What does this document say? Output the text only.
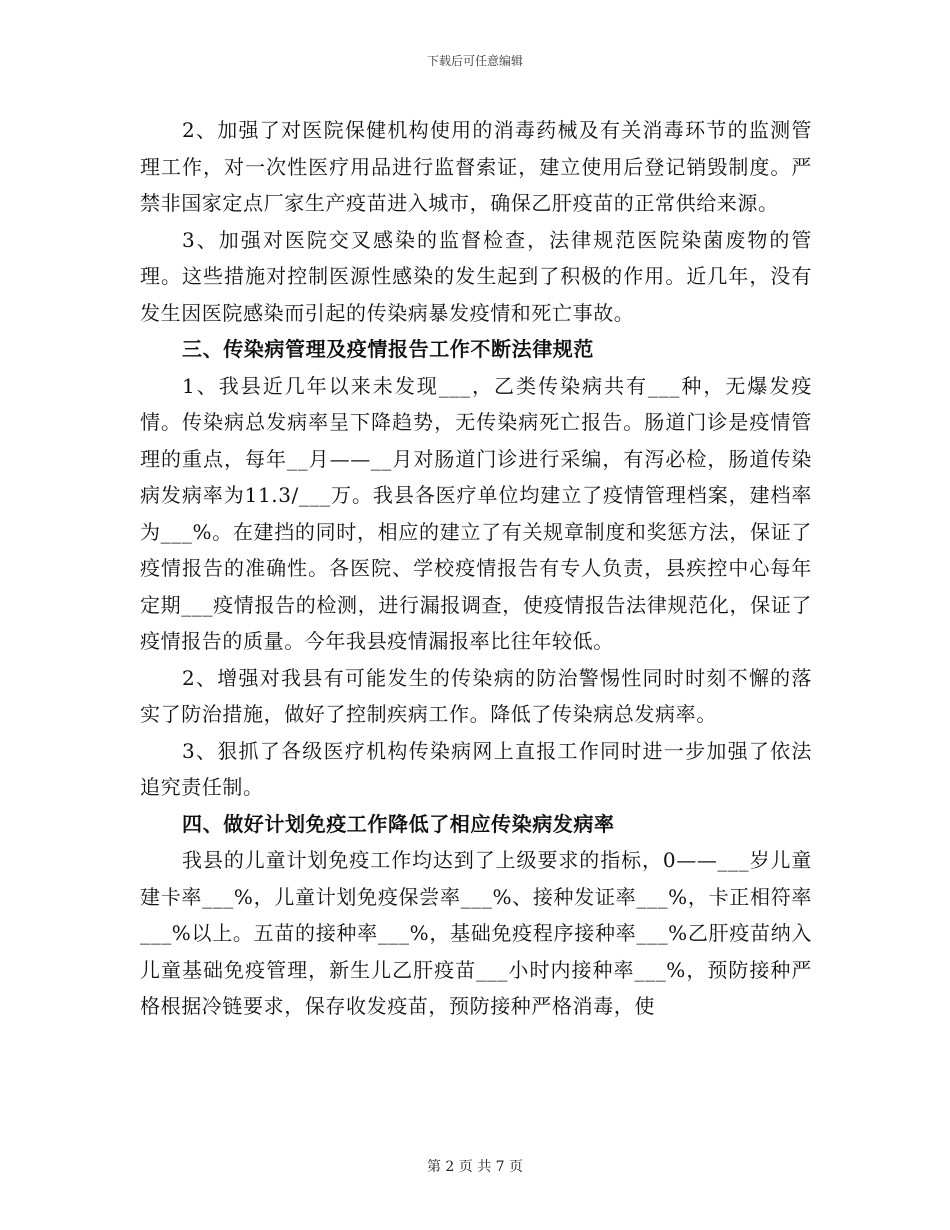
下载后可任意编辑

2、加强了对医院保健机构使用的消毒药械及有关消毒环节的监测管理工作，对一次性医疗用品进行监督索证，建立使用后登记销毁制度。严禁非国家定点厂家生产疫苗进入城市，确保乙肝疫苗的正常供给来源。

3、加强对医院交叉感染的监督检查，法律规范医院染菌废物的管理。这些措施对控制医源性感染的发生起到了积极的作用。近几年，没有发生因医院感染而引起的传染病暴发疫情和死亡事故。

三、传染病管理及疫情报告工作不断法律规范

1、我县近几年以来未发现___，乙类传染病共有___种，无爆发疫情。传染病总发病率呈下降趋势，无传染病死亡报告。肠道门诊是疫情管理的重点，每年__月——__月对肠道门诊进行采编，有泻必检，肠道传染病发病率为11.3/___万。我县各医疗单位均建立了疫情管理档案，建档率为___%。在建挡的同时，相应的建立了有关规章制度和奖惩方法，保证了疫情报告的准确性。各医院、学校疫情报告有专人负责，县疾控中心每年定期___疫情报告的检测，进行漏报调查，使疫情报告法律规范化，保证了疫情报告的质量。今年我县疫情漏报率比往年较低。

2、增强对我县有可能发生的传染病的防治警惕性同时时刻不懈的落实了防治措施，做好了控制疾病工作。降低了传染病总发病率。

3、狠抓了各级医疗机构传染病网上直报工作同时进一步加强了依法追究责任制。

四、做好计划免疫工作降低了相应传染病发病率

我县的儿童计划免疫工作均达到了上级要求的指标，0——___岁儿童建卡率___%，儿童计划免疫保尝率___%、接种发证率___%，卡正相符率___%以上。五苗的接种率___%，基础免疫程序接种率___%乙肝疫苗纳入儿童基础免疫管理，新生儿乙肝疫苗___小时内接种率___%，预防接种严格根据冷链要求，保存收发疫苗，预防接种严格消毒，使

第 2 页 共 7 页
